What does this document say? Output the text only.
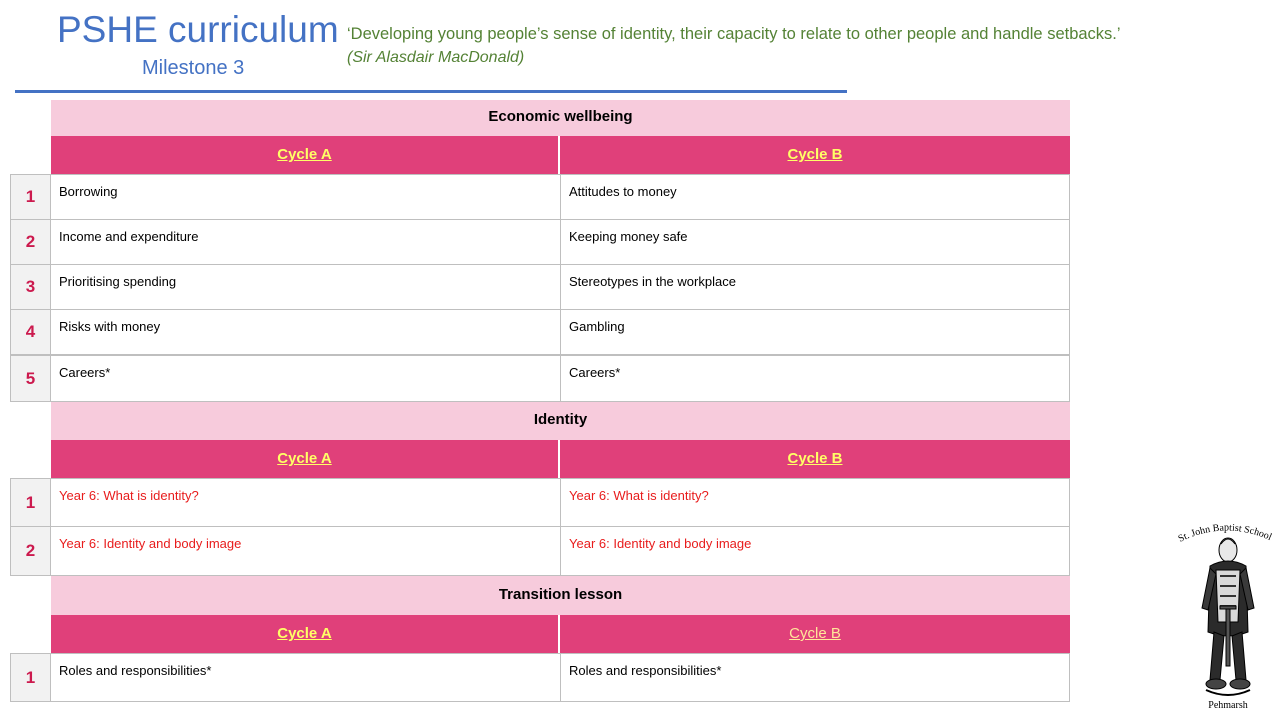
PSHE curriculum
Milestone 3
‘Developing young people’s sense of identity, their capacity to relate to other people and handle setbacks.’
(Sir Alasdair MacDonald)
Economic wellbeing
Cycle A	Cycle B
1	Borrowing	Attitudes to money
2	Income and expenditure	Keeping money safe
3	Prioritising spending	Stereotypes in the workplace
4	Risks with money	Gambling
5	Careers*	Careers*
Identity
Cycle A	Cycle B
1	Year 6: What is identity?	Year 6: What is identity?
2	Year 6: Identity and body image	Year 6: Identity and body image
Transition lesson
Cycle A	Cycle B
1	Roles and responsibilities*	Roles and responsibilities*
St. John Baptist School
Pehmarsh
